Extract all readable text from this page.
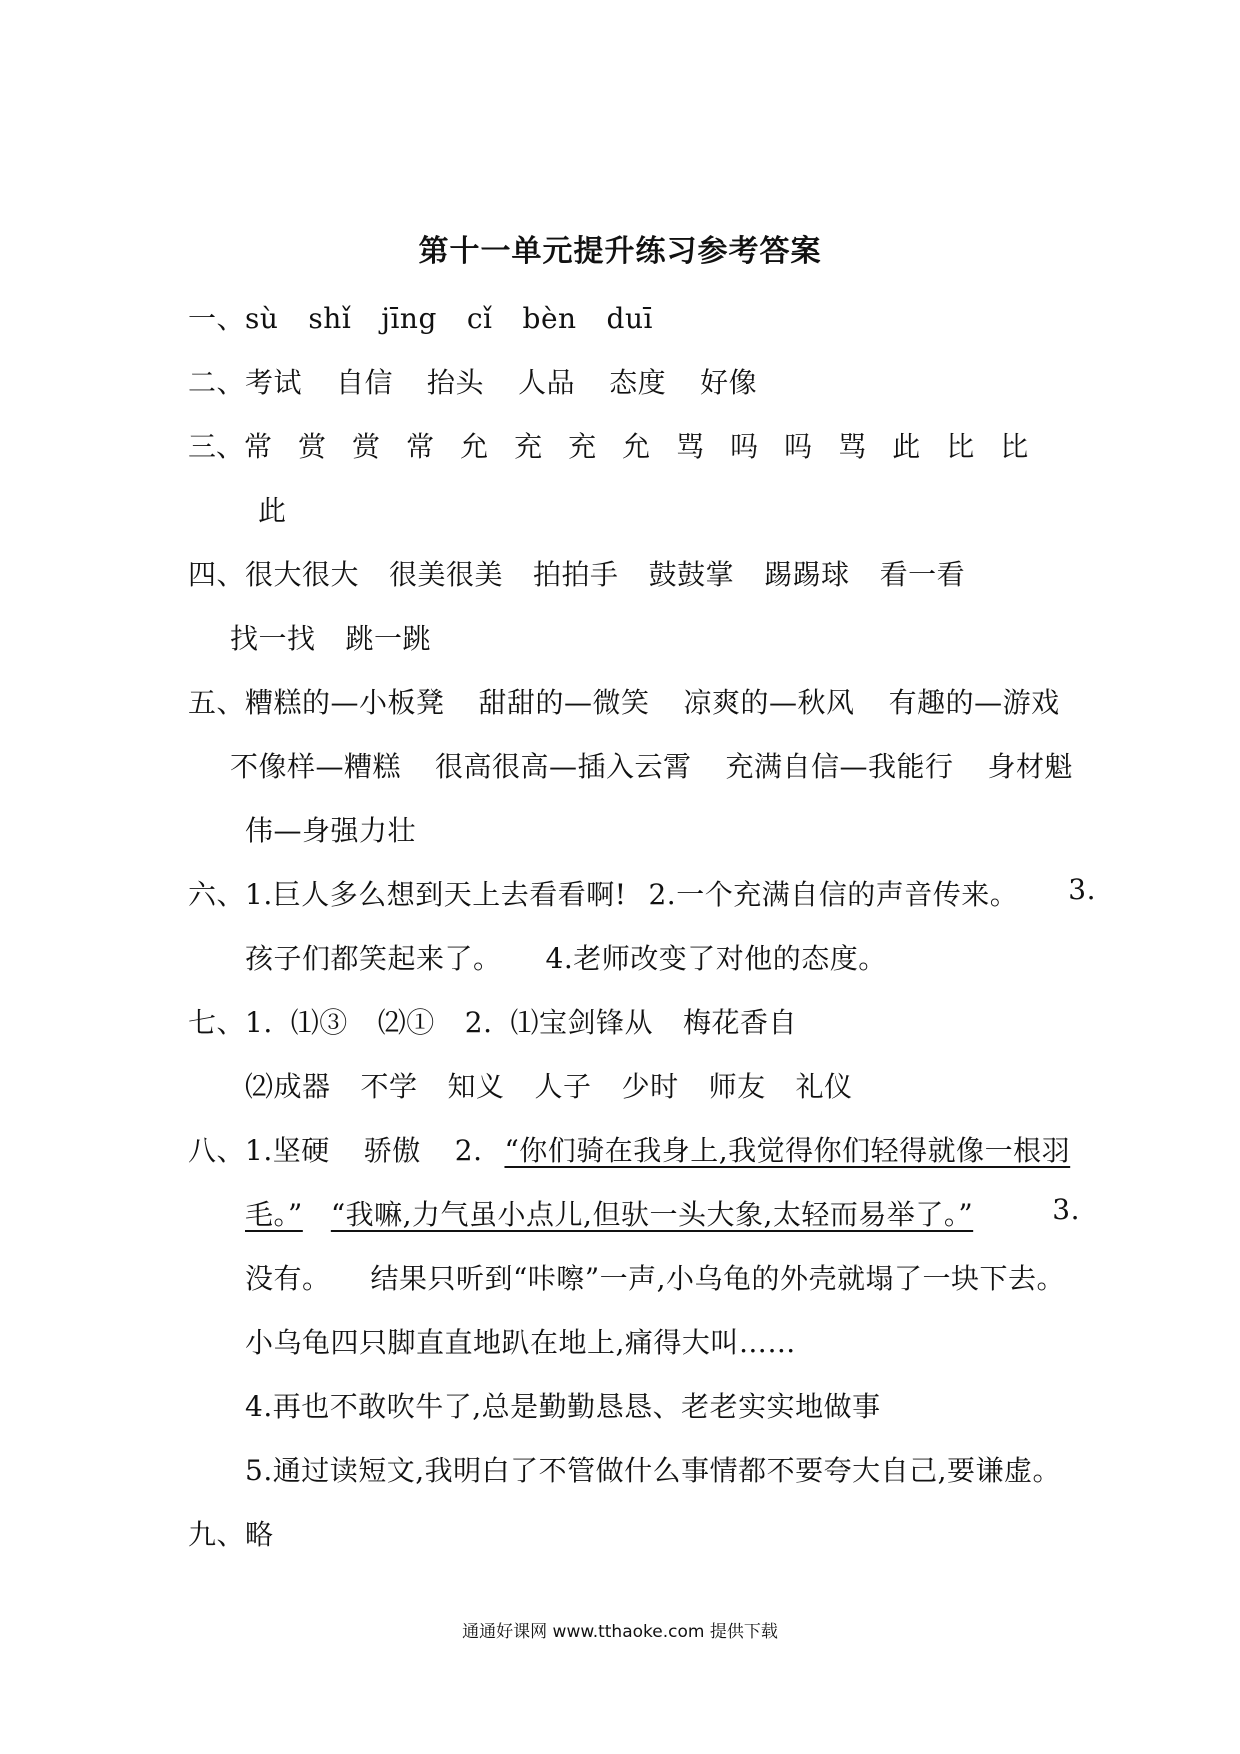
第十一单元提升练习参考答案
一、sù shǐ jīng cǐ bèn duī
二、考试 自信 抬头 人品 态度 好像
三、常 赏 赏 常 允 充 充 允 骂 吗 吗 骂 此 比 比
此
四、很大很大 很美很美 拍拍手 鼓鼓掌 踢踢球 看一看
找一找 跳一跳
五、糟糕的—小板凳 甜甜的—微笑 凉爽的—秋风 有趣的—游戏
不像样—糟糕 很高很高—插入云霄 充满自信—我能行 身材魁
伟—身强力壮
六、1.巨人多么想到天上去看看啊! 2.一个充满自信的声音传来。 3.
孩子们都笑起来了。 4.老师改变了对他的态度。
七、1. ⑴③ ⑵① 2. ⑴宝剑锋从 梅花香自
⑵成器 不学 知义 人子 少时 师友 礼仪
八、1.坚硬 骄傲 2. “你们骑在我身上,我觉得你们轻得就像一根羽
毛。” “我嘛,力气虽小点儿,但驮一头大象,太轻而易举了。”	3.
没有。 结果只听到“咔嚓”一声,小乌龟的外壳就塌了一块下去。
小乌龟四只脚直直地趴在地上,痛得大叫……
4.再也不敢吹牛了,总是勤勤恳恳、老老实实地做事
5.通过读短文,我明白了不管做什么事情都不要夸大自己,要谦虚。
九、略
通通好课网 www.tthaoke.com 提供下载
